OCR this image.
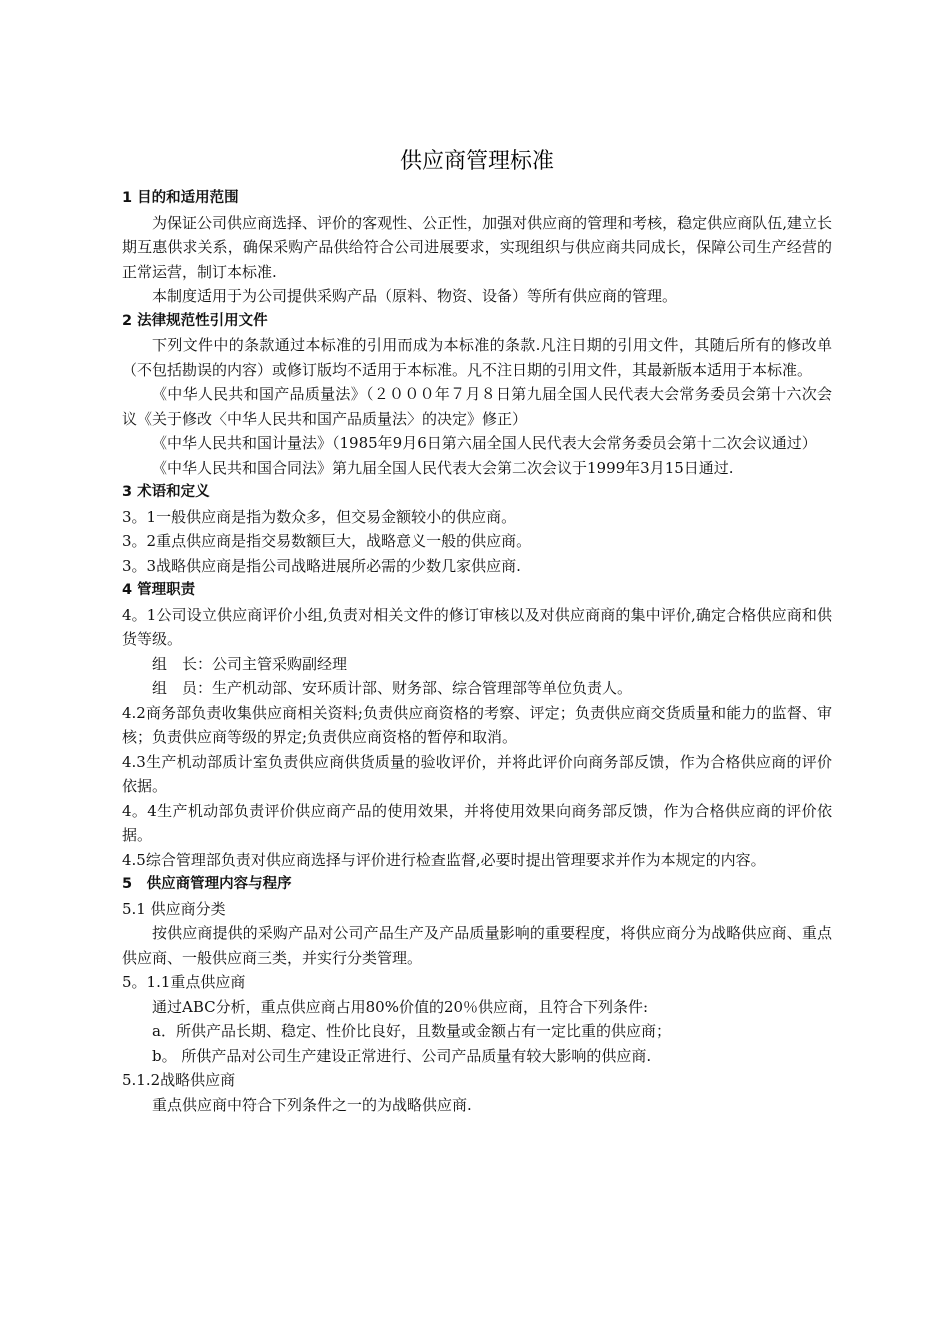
供应商管理标准

1 目的和适用范围

为保证公司供应商选择、评价的客观性、公正性，加强对供应商的管理和考核，稳定供应商队伍,建立长期互惠供求关系，确保采购产品供给符合公司进展要求，实现组织与供应商共同成长，保障公司生产经营的正常运营，制订本标准.

本制度适用于为公司提供采购产品（原料、物资、设备）等所有供应商的管理。

2 法律规范性引用文件

下列文件中的条款通过本标准的引用而成为本标准的条款.凡注日期的引用文件，其随后所有的修改单（不包括勘误的内容）或修订版均不适用于本标准。凡不注日期的引用文件，其最新版本适用于本标准。

《中华人民共和国产品质量法》（２０００年７月８日第九届全国人民代表大会常务委员会第十六次会议《关于修改〈中华人民共和国产品质量法〉的决定》修正）

《中华人民共和国计量法》（1985年9月6日第六届全国人民代表大会常务委员会第十二次会议通过）

《中华人民共和国合同法》第九届全国人民代表大会第二次会议于1999年3月15日通过.

3 术语和定义

3。1一般供应商是指为数众多，但交易金额较小的供应商。

3。2重点供应商是指交易数额巨大，战略意义一般的供应商。

3。3战略供应商是指公司战略进展所必需的少数几家供应商.

4 管理职责

4。1公司设立供应商评价小组,负责对相关文件的修订审核以及对供应商商的集中评价,确定合格供应商和供货等级。

组　长：公司主管采购副经理

组　员：生产机动部、安环质计部、财务部、综合管理部等单位负责人。

4.2商务部负责收集供应商相关资料;负责供应商资格的考察、评定；负责供应商交货质量和能力的监督、审核；负责供应商等级的界定;负责供应商资格的暂停和取消。

4.3生产机动部质计室负责供应商供货质量的验收评价，并将此评价向商务部反馈，作为合格供应商的评价依据。

4。4生产机动部负责评价供应商产品的使用效果，并将使用效果向商务部反馈，作为合格供应商的评价依据。

4.5综合管理部负责对供应商选择与评价进行检查监督,必要时提出管理要求并作为本规定的内容。

5　供应商管理内容与程序

5.1 供应商分类

按供应商提供的采购产品对公司产品生产及产品质量影响的重要程度，将供应商分为战略供应商、重点供应商、一般供应商三类，并实行分类管理。

5。1.1重点供应商

通过ABC分析，重点供应商占用80%价值的20％供应商，且符合下列条件:

a．所供产品长期、稳定、性价比良好，且数量或金额占有一定比重的供应商；

b。 所供产品对公司生产建设正常进行、公司产品质量有较大影响的供应商.

5.1.2战略供应商

重点供应商中符合下列条件之一的为战略供应商.
